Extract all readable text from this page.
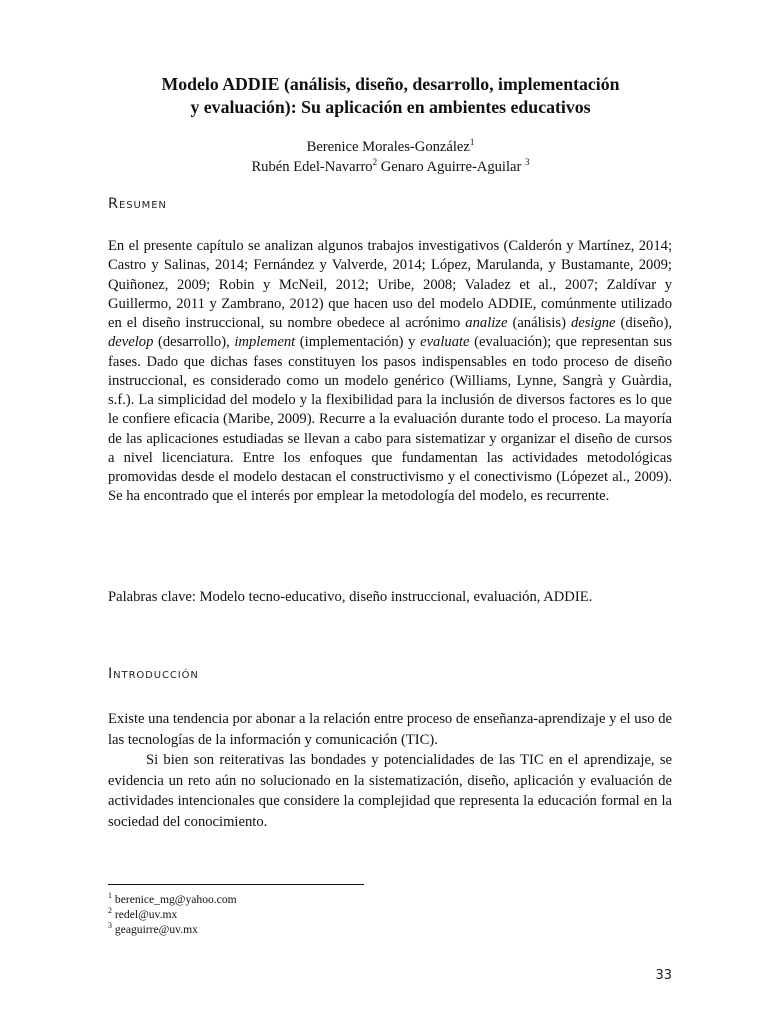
Modelo ADDIE (análisis, diseño, desarrollo, implementación
y evaluación): Su aplicación en ambientes educativos
Berenice Morales-González$^1$
Rubén Edel-Navarro$^2$ Genaro Aguirre-Aguilar $^3$
Resumen

En el presente capítulo se analizan algunos trabajos investigativos (Calderón y Martínez, 2014; Castro y Salinas, 2014; Fernández y Valverde, 2014; López, Marulanda, y Bustamante, 2009; Quiñonez, 2009; Robin y McNeil, 2012; Uribe, 2008; Valadez et al., 2007; Zaldívar y Guillermo, 2011 y Zambrano, 2012) que hacen uso del modelo ADDIE, comúnmente utilizado en el diseño instruccional, su nombre obedece al acrónimo analize (análisis) designe (diseño), develop (desarrollo), implement (implementación) y evaluate (evaluación); que representan sus fases. Dado que dichas fases constituyen los pasos indispensables en todo proceso de diseño instruccional, es considerado como un modelo genérico (Williams, Lynne, Sangrà y Guàrdia, s.f.). La simplicidad del modelo y la flexibilidad para la inclusión de diversos factores es lo que le confiere eficacia (Maribe, 2009). Recurre a la evaluación durante todo el proceso. La mayoría de las aplicaciones estudiadas se llevan a cabo para sistematizar y organizar el diseño de cursos a nivel licenciatura. Entre los enfoques que fundamentan las actividades metodológicas promovidas desde el modelo destacan el constructivismo y el conectivismo (Lópezet al., 2009). Se ha encontrado que el interés por emplear la metodología del modelo, es recurrente.

Palabras clave: Modelo tecno-educativo, diseño instruccional, evaluación, ADDIE.

Introducción

Existe una tendencia por abonar a la relación entre proceso de enseñanza-aprendizaje y el uso de las tecnologías de la información y comunicación (TIC).

Si bien son reiterativas las bondades y potencialidades de las TIC en el aprendizaje, se evidencia un reto aún no solucionado en la sistematización, diseño, aplicación y evaluación de actividades intencionales que considere la complejidad que representa la educación formal en la sociedad del conocimiento.

$^1$ berenice_mg@yahoo.com
$^2$ redel@uv.mx
$^3$ geaguirre@uv.mx
33
